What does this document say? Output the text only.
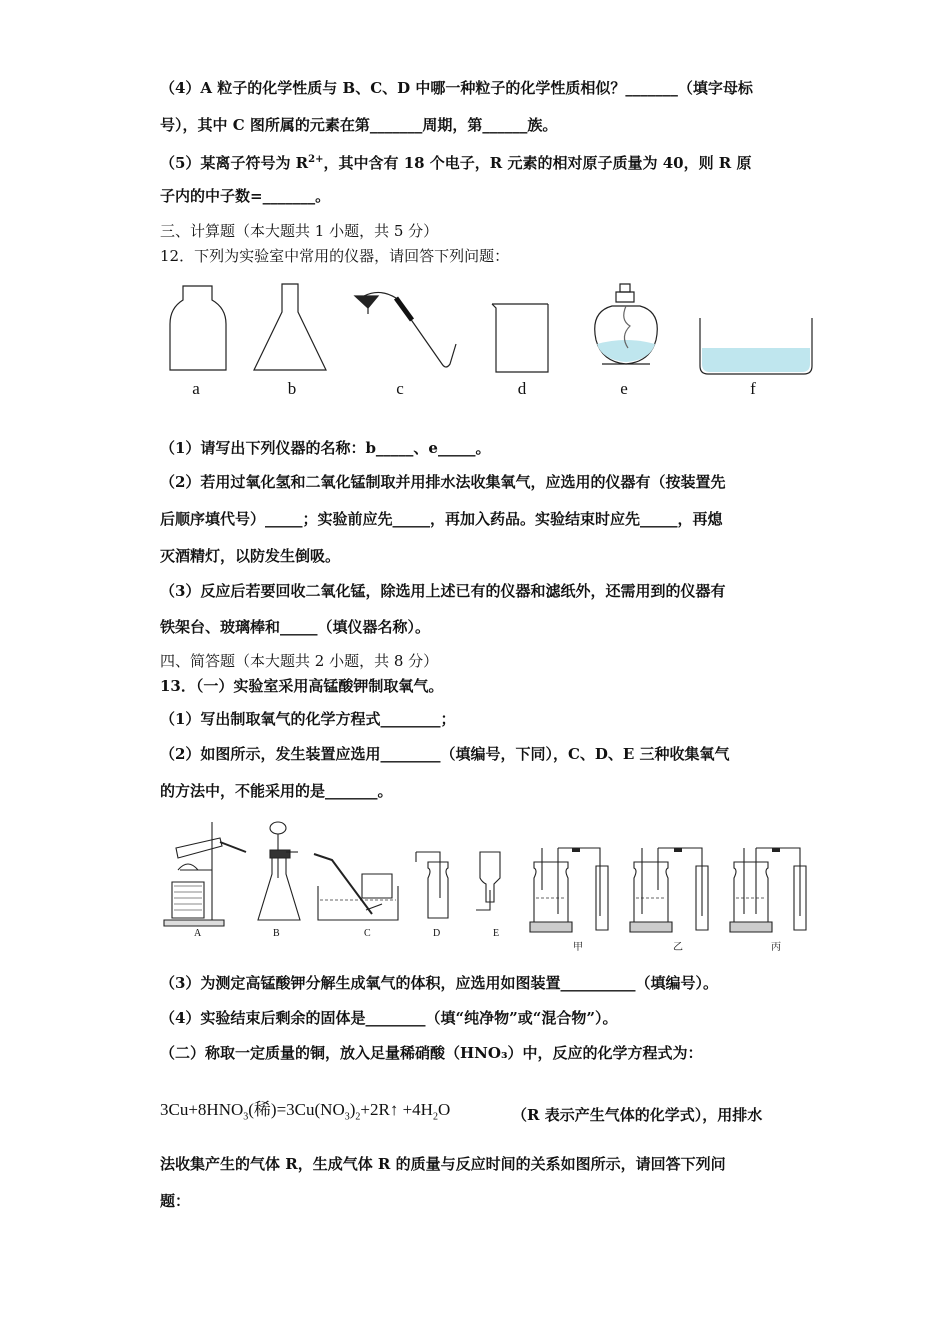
（4）A 粒子的化学性质与 B、C、D 中哪一种粒子的化学性质相似？_______（填字母标
号），其中 C 图所属的元素在第_______周期，第______族。
（5）某离子符号为 $R^{2+}$，其中含有 18 个电子，R 元素的相对原子质量为 40，则 R 原
子内的中子数=_______。
三、计算题（本大题共 1 小题，共 5 分）
12．下列为实验室中常用的仪器，请回答下列问题：
a	b	c	d	e	f
（1）请写出下列仪器的名称：b_____、e_____。
（2）若用过氧化氢和二氧化锰制取并用排水法收集氧气，应选用的仪器有（按装置先
后顺序填代号）_____；实验前应先_____，再加入药品。实验结束时应先_____，再熄
灭酒精灯，以防发生倒吸。
（3）反应后若要回收二氧化锰，除选用上述已有的仪器和滤纸外，还需用到的仪器有
铁架台、玻璃棒和_____（填仪器名称）。
四、简答题（本大题共 2 小题，共 8 分）
13．（一）实验室采用高锰酸钾制取氧气。
（1）写出制取氧气的化学方程式________；
（2）如图所示，发生装置应选用________（填编号，下同），C、D、E 三种收集氧气
的方法中，不能采用的是_______。
A	B	C	D	E
甲	乙	丙
（3）为测定高锰酸钾分解生成氧气的体积，应选用如图装置__________（填编号）。
（4）实验结束后剩余的固体是________（填“纯净物”或“混合物”）。
（二）称取一定质量的铜，放入足量稀硝酸（HNO₃）中，反应的化学方程式为：
$3Cu+8HNO_3$(稀)$=3Cu(NO_3)_2+2R↑ +4H_2O$	（R 表示产生气体的化学式），用排水
法收集产生的气体 R，生成气体 R 的质量与反应时间的关系如图所示，请回答下列问
题：
